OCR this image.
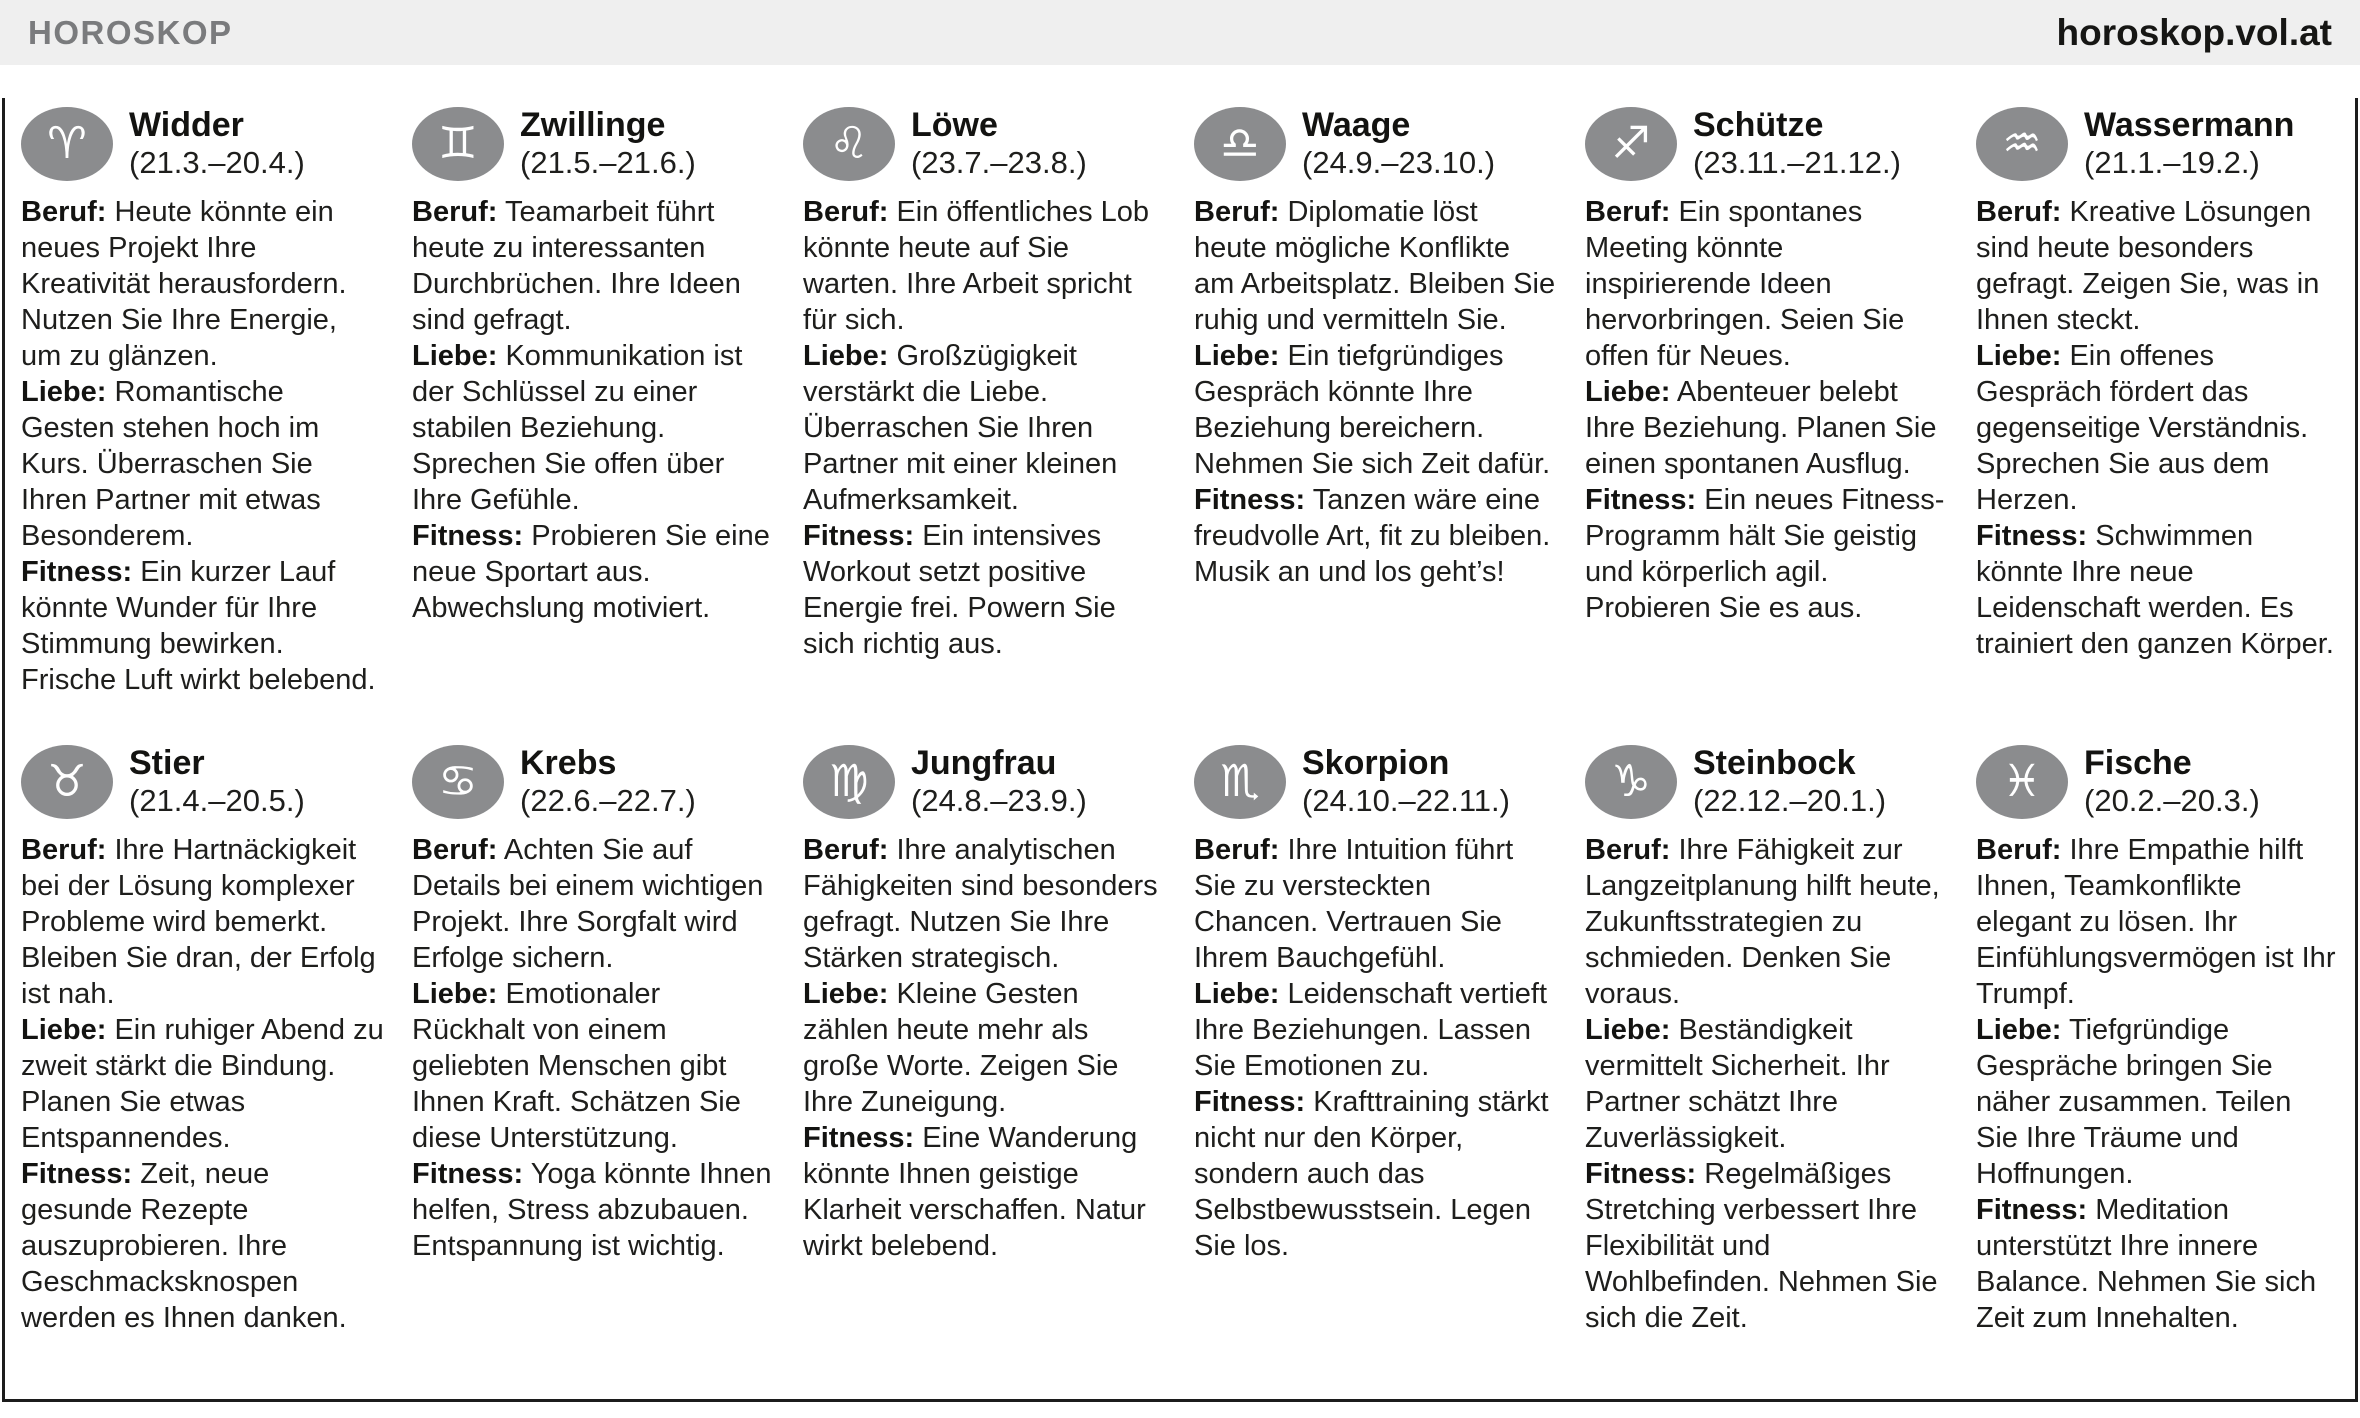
HOROSKOP	horoskop.vol.at
♈ Widder
(21.3.–20.4.)

Beruf: Heute könnte ein neues Projekt Ihre Kreativität herausfordern. Nutzen Sie Ihre Energie, um zu glänzen.

Liebe: Romantische Gesten stehen hoch im Kurs. Überraschen Sie Ihren Partner mit etwas Besonderem.

Fitness: Ein kurzer Lauf könnte Wunder für Ihre Stimmung bewirken. Frische Luft wirkt belebend.

♊ Zwillinge
(21.5.–21.6.)

Beruf: Teamarbeit führt heute zu interessanten Durchbrüchen. Ihre Ideen sind gefragt.

Liebe: Kommunikation ist der Schlüssel zu einer stabilen Beziehung. Sprechen Sie offen über Ihre Gefühle.

Fitness: Probieren Sie eine neue Sportart aus. Abwechslung motiviert.

♌ Löwe
(23.7.–23.8.)

Beruf: Ein öffentliches Lob könnte heute auf Sie warten. Ihre Arbeit spricht für sich.

Liebe: Großzügigkeit verstärkt die Liebe. Überraschen Sie Ihren Partner mit einer kleinen Aufmerksamkeit.

Fitness: Ein intensives Workout setzt positive Energie frei. Powern Sie sich richtig aus.

♎ Waage
(24.9.–23.10.)

Beruf: Diplomatie löst heute mögliche Konflikte am Arbeitsplatz. Bleiben Sie ruhig und vermitteln Sie.

Liebe: Ein tiefgründiges Gespräch könnte Ihre Beziehung bereichern. Nehmen Sie sich Zeit dafür.

Fitness: Tanzen wäre eine freudvolle Art, fit zu bleiben. Musik an und los geht’s!

♐ Schütze
(23.11.–21.12.)

Beruf: Ein spontanes Meeting könnte inspirierende Ideen hervorbringen. Seien Sie offen für Neues.

Liebe: Abenteuer belebt Ihre Beziehung. Planen Sie einen spontanen Ausflug.

Fitness: Ein neues Fitness-Programm hält Sie geistig und körperlich agil. Probieren Sie es aus.

♒ Wassermann
(21.1.–19.2.)

Beruf: Kreative Lösungen sind heute besonders gefragt. Zeigen Sie, was in Ihnen steckt.

Liebe: Ein offenes Gespräch fördert das gegenseitige Verständnis. Sprechen Sie aus dem Herzen.

Fitness: Schwimmen könnte Ihre neue Leidenschaft werden. Es trainiert den ganzen Körper.

♉ Stier
(21.4.–20.5.)

Beruf: Ihre Hartnäckigkeit bei der Lösung komplexer Probleme wird bemerkt. Bleiben Sie dran, der Erfolg ist nah.

Liebe: Ein ruhiger Abend zu zweit stärkt die Bindung. Planen Sie etwas Entspannendes.

Fitness: Zeit, neue gesunde Rezepte auszuprobieren. Ihre Geschmacksknospen werden es Ihnen danken.

♋ Krebs
(22.6.–22.7.)

Beruf: Achten Sie auf Details bei einem wichtigen Projekt. Ihre Sorgfalt wird Erfolge sichern.

Liebe: Emotionaler Rückhalt von einem geliebten Menschen gibt Ihnen Kraft. Schätzen Sie diese Unterstützung.

Fitness: Yoga könnte Ihnen helfen, Stress abzubauen. Entspannung ist wichtig.

♍ Jungfrau
(24.8.–23.9.)

Beruf: Ihre analytischen Fähigkeiten sind besonders gefragt. Nutzen Sie Ihre Stärken strategisch.

Liebe: Kleine Gesten zählen heute mehr als große Worte. Zeigen Sie Ihre Zuneigung.

Fitness: Eine Wanderung könnte Ihnen geistige Klarheit verschaffen. Natur wirkt belebend.

♏ Skorpion
(24.10.–22.11.)

Beruf: Ihre Intuition führt Sie zu versteckten Chancen. Vertrauen Sie Ihrem Bauchgefühl.

Liebe: Leidenschaft vertieft Ihre Beziehungen. Lassen Sie Emotionen zu.

Fitness: Krafttraining stärkt nicht nur den Körper, sondern auch das Selbstbewusstsein. Legen Sie los.

♑ Steinbock
(22.12.–20.1.)

Beruf: Ihre Fähigkeit zur Langzeitplanung hilft heute, Zukunftsstrategien zu schmieden. Denken Sie voraus.

Liebe: Beständigkeit vermittelt Sicherheit. Ihr Partner schätzt Ihre Zuverlässigkeit.

Fitness: Regelmäßiges Stretching verbessert Ihre Flexibilität und Wohlbefinden. Nehmen Sie sich die Zeit.

♓ Fische
(20.2.–20.3.)

Beruf: Ihre Empathie hilft Ihnen, Teamkonflikte elegant zu lösen. Ihr Einfühlungsvermögen ist Ihr Trumpf.

Liebe: Tiefgründige Gespräche bringen Sie näher zusammen. Teilen Sie Ihre Träume und Hoffnungen.

Fitness: Meditation unterstützt Ihre innere Balance. Nehmen Sie sich Zeit zum Innehalten.
